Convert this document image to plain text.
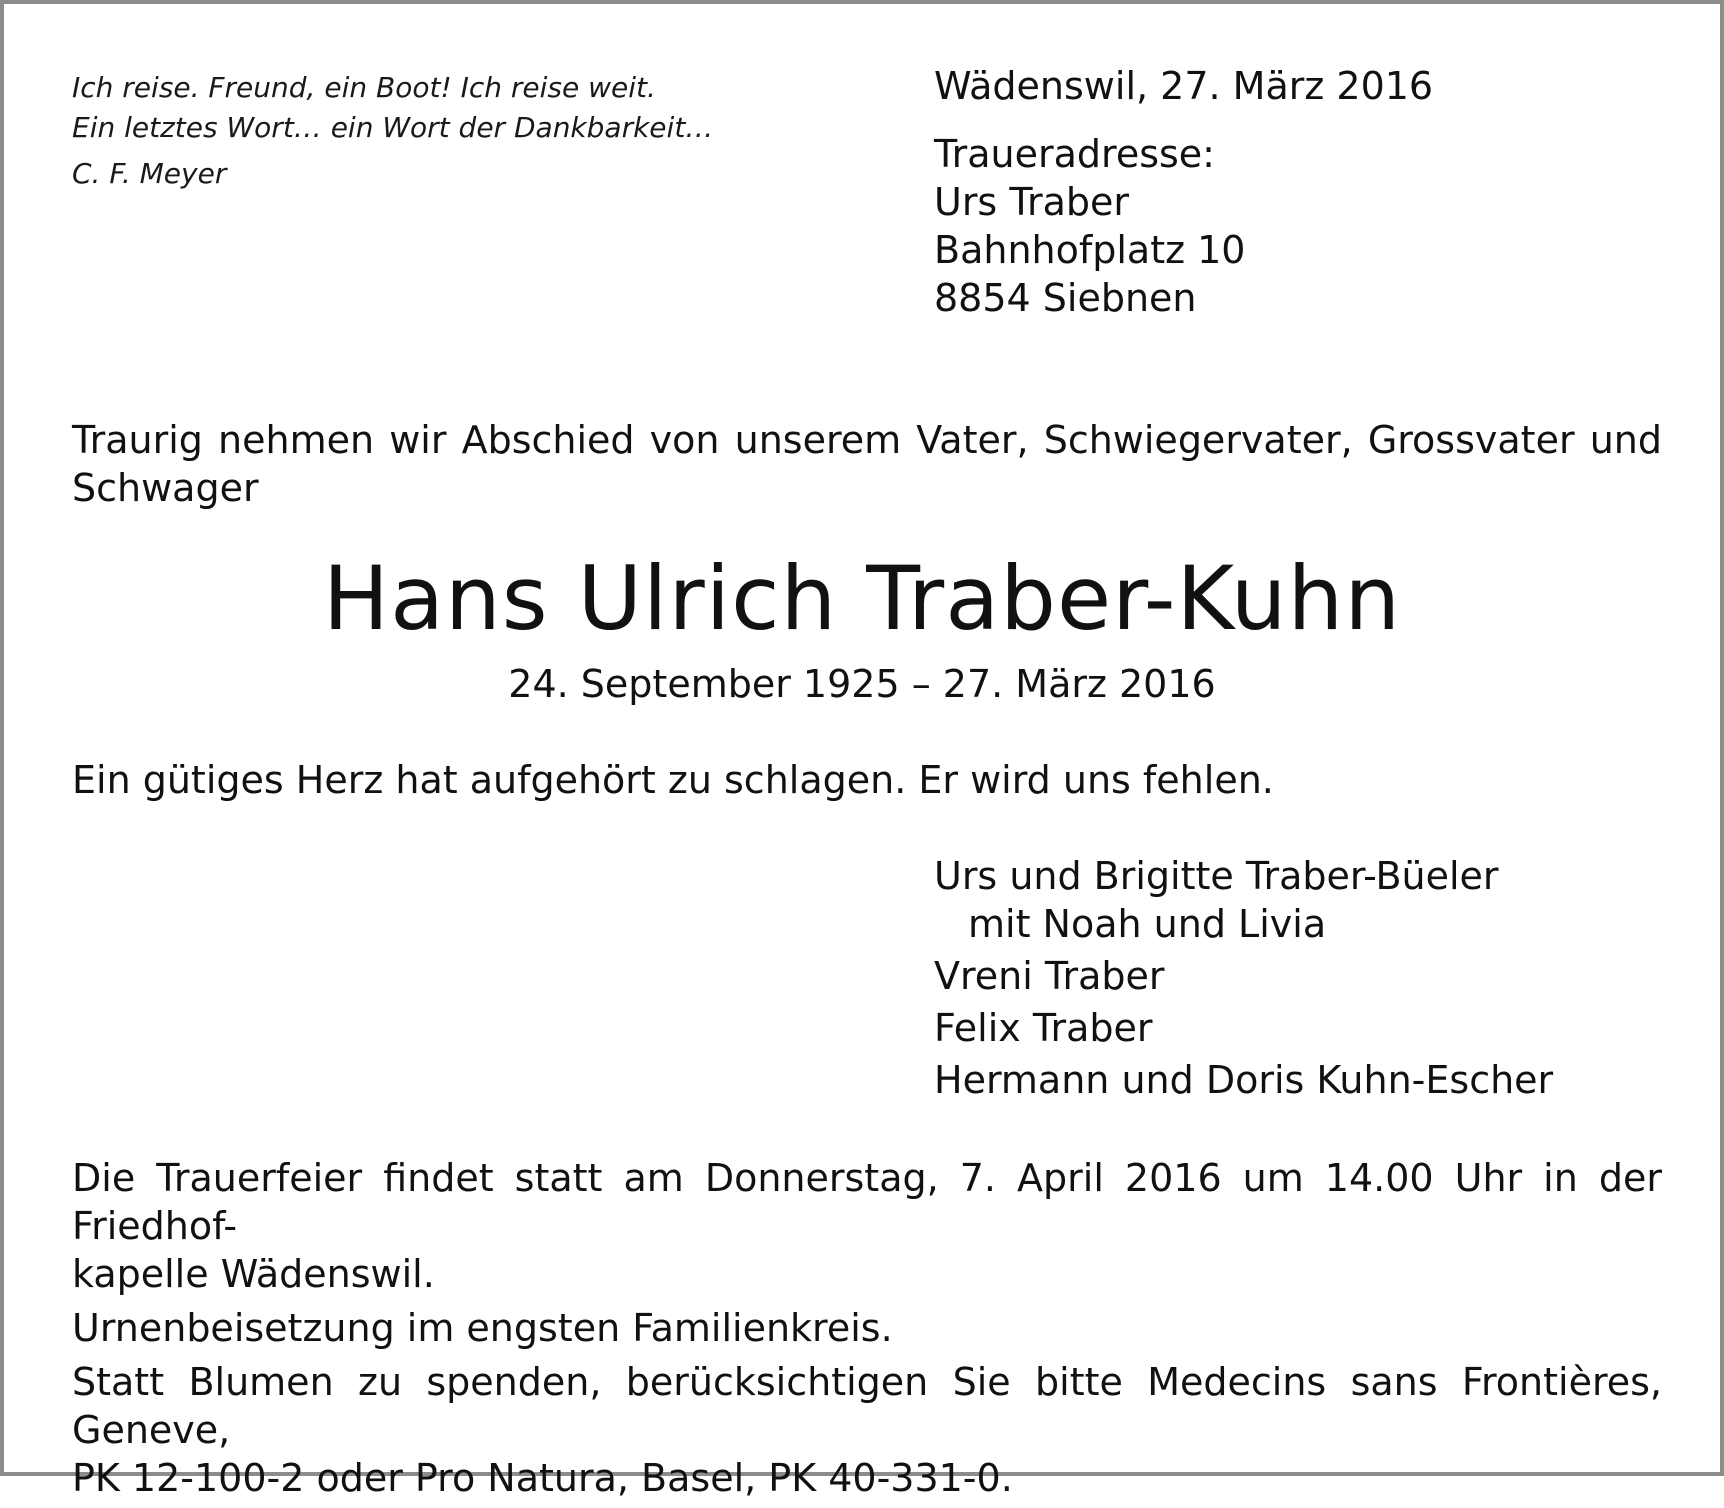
Ich reise. Freund, ein Boot! Ich reise weit.
Ein letztes Wort… ein Wort der Dankbarkeit…
C. F. Meyer
Wädenswil, 27. März 2016
Traueradresse:
Urs Traber
Bahnhofplatz 10
8854 Siebnen
Traurig nehmen wir Abschied von unserem Vater, Schwiegervater, Grossvater und
Schwager
Hans Ulrich Traber-Kuhn
24. September 1925 – 27. März 2016
Ein gütiges Herz hat aufgehört zu schlagen. Er wird uns fehlen.
Urs und Brigitte Traber-Büeler
mit Noah und Livia
Vreni Traber
Felix Traber
Hermann und Doris Kuhn-Escher

Die Trauerfeier findet statt am Donnerstag, 7. April 2016 um 14.00 Uhr in der Friedhof-
kapelle Wädenswil.

Urnenbeisetzung im engsten Familienkreis.

Statt Blumen zu spenden, berücksichtigen Sie bitte Medecins sans Frontières, Geneve,
PK 12-100-2 oder Pro Natura, Basel, PK 40-331-0.
